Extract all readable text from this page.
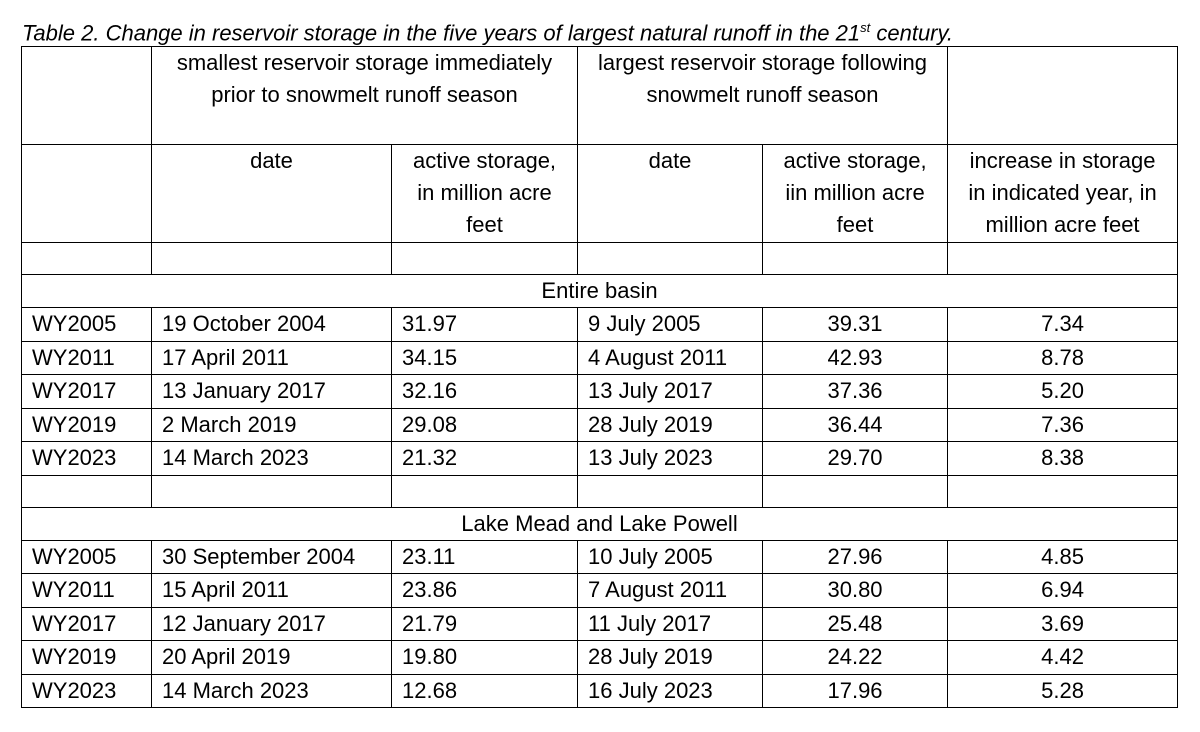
Table 2. Change in reservoir storage in the five years of largest natural runoff in the 21st century.
	smallest reservoir storage immediately prior to snowmelt runoff season		largest reservoir storage following snowmelt runoff season		
	date	active storage, in million acre feet	date	active storage, iin million acre feet	increase in storage in indicated year, in million acre feet

Entire basin					
WY2005	19 October 2004	31.97	9 July 2005	39.31	7.34
WY2011	17 April 2011	34.15	4 August 2011	42.93	8.78
WY2017	13 January 2017	32.16	13 July 2017	37.36	5.20
WY2019	2 March 2019	29.08	28 July 2019	36.44	7.36
WY2023	14 March 2023	21.32	13 July 2023	29.70	8.38

Lake Mead and Lake Powell					
WY2005	30 September 2004	23.11	10 July 2005	27.96	4.85
WY2011	15 April 2011	23.86	7 August 2011	30.80	6.94
WY2017	12 January 2017	21.79	11 July 2017	25.48	3.69
WY2019	20 April 2019	19.80	28 July 2019	24.22	4.42
WY2023	14 March 2023	12.68	16 July 2023	17.96	5.28
